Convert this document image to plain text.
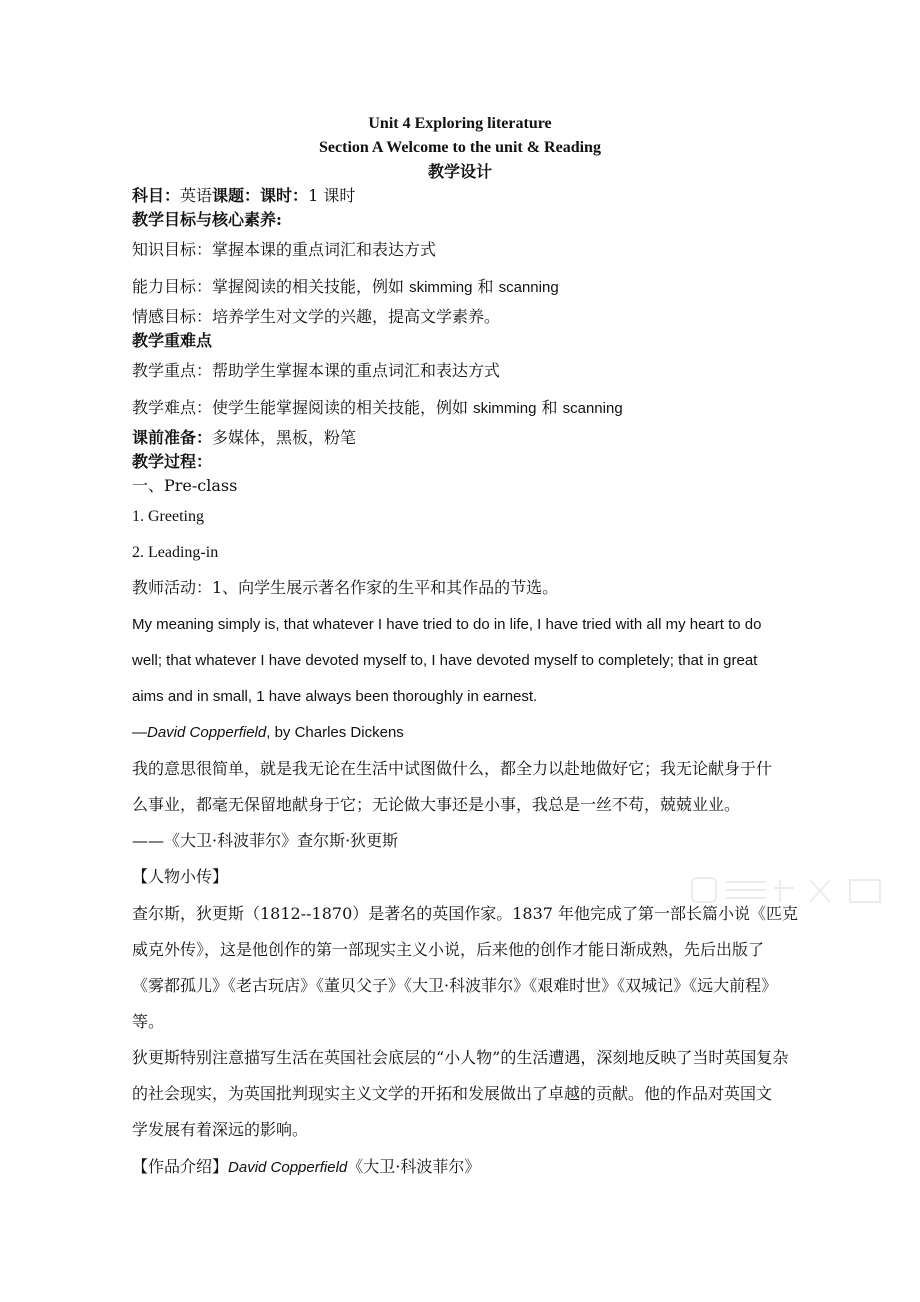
Unit 4 Exploring literature
Section A Welcome to the unit & Reading
教学设计
科目：英语课题：课时：1 课时
教学目标与核心素养:
知识目标：掌握本课的重点词汇和表达方式
能力目标：掌握阅读的相关技能，例如 skimming 和 scanning
情感目标：培养学生对文学的兴趣，提高文学素养。
教学重难点
教学重点：帮助学生掌握本课的重点词汇和表达方式
教学难点：使学生能掌握阅读的相关技能，例如 skimming 和 scanning
课前准备：多媒体，黑板，粉笔
教学过程：
一、Pre-class
1. Greeting
2. Leading-in
教师活动：1、向学生展示著名作家的生平和其作品的节选。
My meaning simply is, that whatever I have tried to do in life, I have tried with all my heart to do
well; that whatever I have devoted myself to, I have devoted myself to completely; that in great
aims and in small, 1 have always been thoroughly in earnest.
—David Copperfield, by Charles Dickens
我的意思很简单，就是我无论在生活中试图做什么，都全力以赴地做好它；我无论献身于什
么事业，都毫无保留地献身于它；无论做大事还是小事，我总是一丝不苟，兢兢业业。
——《大卫·科波菲尔》查尔斯·狄更斯
【人物小传】
查尔斯，狄更斯（1812--1870）是著名的英国作家。1837 年他完成了第一部长篇小说《匹克
威克外传》，这是他创作的第一部现实主义小说，后来他的创作才能日渐成熟，先后出版了
《雾都孤儿》《老古玩店》《董贝父子》《大卫·科波菲尔》《艰难时世》《双城记》《远大前程》
等。
狄更斯特别注意描写生活在英国社会底层的“小人物”的生活遭遇，深刻地反映了当时英国复杂
的社会现实，为英国批判现实主义文学的开拓和发展做出了卓越的贡献。他的作品对英国文
学发展有着深远的影响。
【作品介绍】David Copperfield《大卫·科波菲尔》
